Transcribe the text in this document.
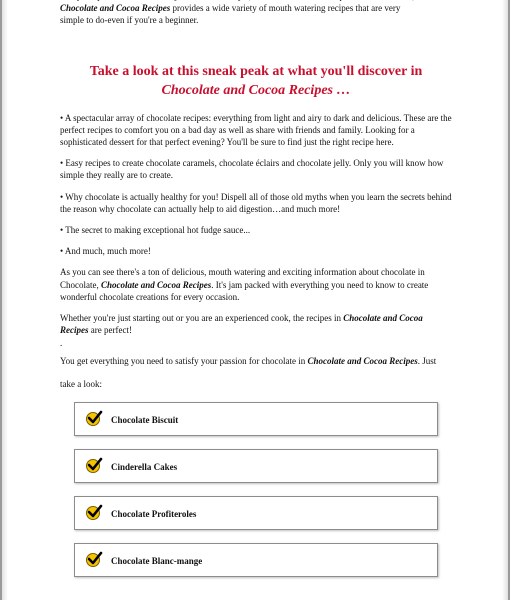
Chocolate and Cocoa Recipes provides a wide variety of mouth watering recipes that are very
simple to do-even if you're a beginner.

Take a look at this sneak peak at what you'll discover in
Chocolate and Cocoa Recipes …

• A spectacular array of chocolate recipes: everything from light and airy to dark and delicious. These are the perfect recipes to comfort you on a bad day as well as share with friends and family. Looking for a sophisticated dessert for that perfect evening? You'll be sure to find just the right recipe here.

• Easy recipes to create chocolate caramels, chocolate éclairs and chocolate jelly. Only you will know how simple they really are to create.

• Why chocolate is actually healthy for you! Dispell all of those old myths when you learn the secrets behind the reason why chocolate can actually help to aid digestion…and much more!

• The secret to making exceptional hot fudge sauce...

• And much, much more!

As you can see there's a ton of delicious, mouth watering and exciting information about chocolate in Chocolate, Chocolate and Cocoa Recipes. It's jam packed with everything you need to know to create wonderful chocolate creations for every occasion.

Whether you're just starting out or you are an experienced cook, the recipes in Chocolate and Cocoa Recipes are perfect!

.

You get everything you need to satisfy your passion for chocolate in Chocolate and Cocoa Recipes. Just take a look:

Chocolate Biscuit
Cinderella Cakes
Chocolate Profiteroles
Chocolate Blanc-mange
